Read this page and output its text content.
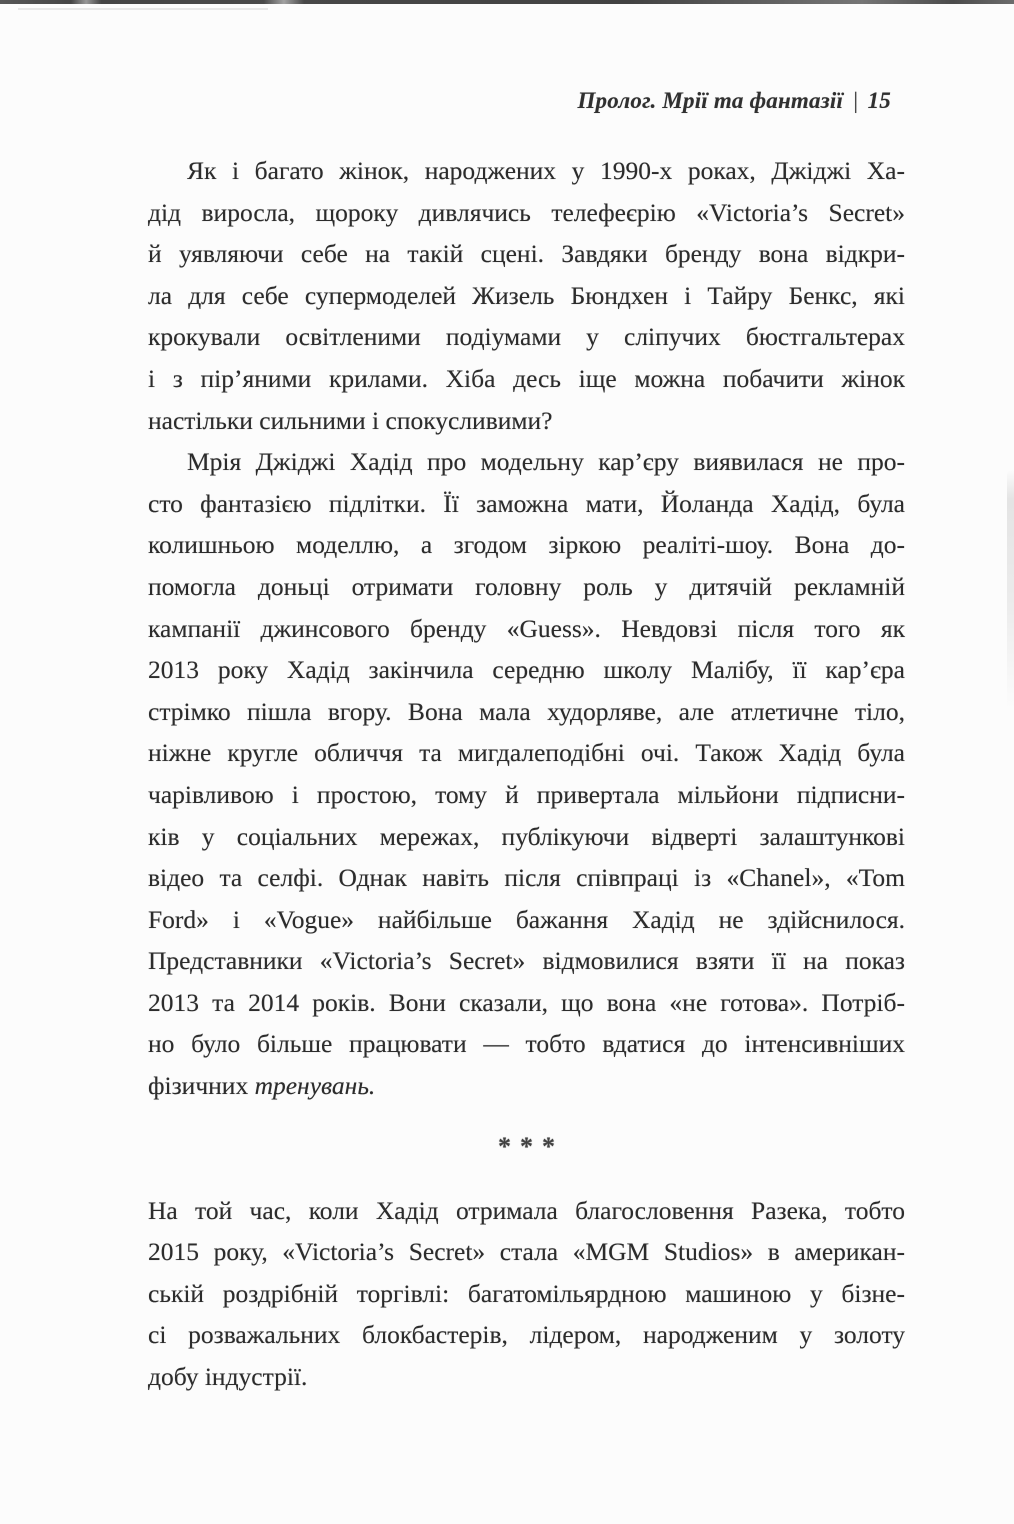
Пролог. Мрії та фантазії | 15
Як і багато жінок, народжених у 1990-х роках, Джіджі Ха-
дід виросла, щороку дивлячись телефеєрію «Victoria’s Secret»
й уявляючи себе на такій сцені. Завдяки бренду вона відкри-
ла для себе супермоделей Жизель Бюндхен і Тайру Бенкс, які
крокували освітленими подіумами у сліпучих бюстгальтерах
і з пір’яними крилами. Хіба десь іще можна побачити жінок
настільки сильними і спокусливими?
Мрія Джіджі Хадід про модельну кар’єру виявилася не про-
сто фантазією підлітки. Її заможна мати, Йоланда Хадід, була
колишньою моделлю, а згодом зіркою реаліті-шоу. Вона до-
помогла доньці отримати головну роль у дитячій рекламній
кампанії джинсового бренду «Guess». Невдовзі після того як
2013 року Хадід закінчила середню школу Малібу, її кар’єра
стрімко пішла вгору. Вона мала худорляве, але атлетичне тіло,
ніжне кругле обличчя та мигдалеподібні очі. Також Хадід була
чарівливою і простою, тому й привертала мільйони підписни-
ків у соціальних мережах, публікуючи відверті залаштункові
відео та селфі. Однак навіть після співпраці із «Chanel», «Tom
Ford» і «Vogue» найбільше бажання Хадід не здійснилося.
Представники «Victoria’s Secret» відмовилися взяти її на показ
2013 та 2014 років. Вони сказали, що вона «не готова». Потріб-
но було більше працювати — тобто вдатися до інтенсивніших
фізичних тренувань.
***
На той час, коли Хадід отримала благословення Разека, тобто
2015 року, «Victoria’s Secret» стала «MGM Studios» в американ-
ській роздрібній торгівлі: багатомільярдною машиною у бізне-
сі розважальних блокбастерів, лідером, народженим у золоту
добу індустрії.
